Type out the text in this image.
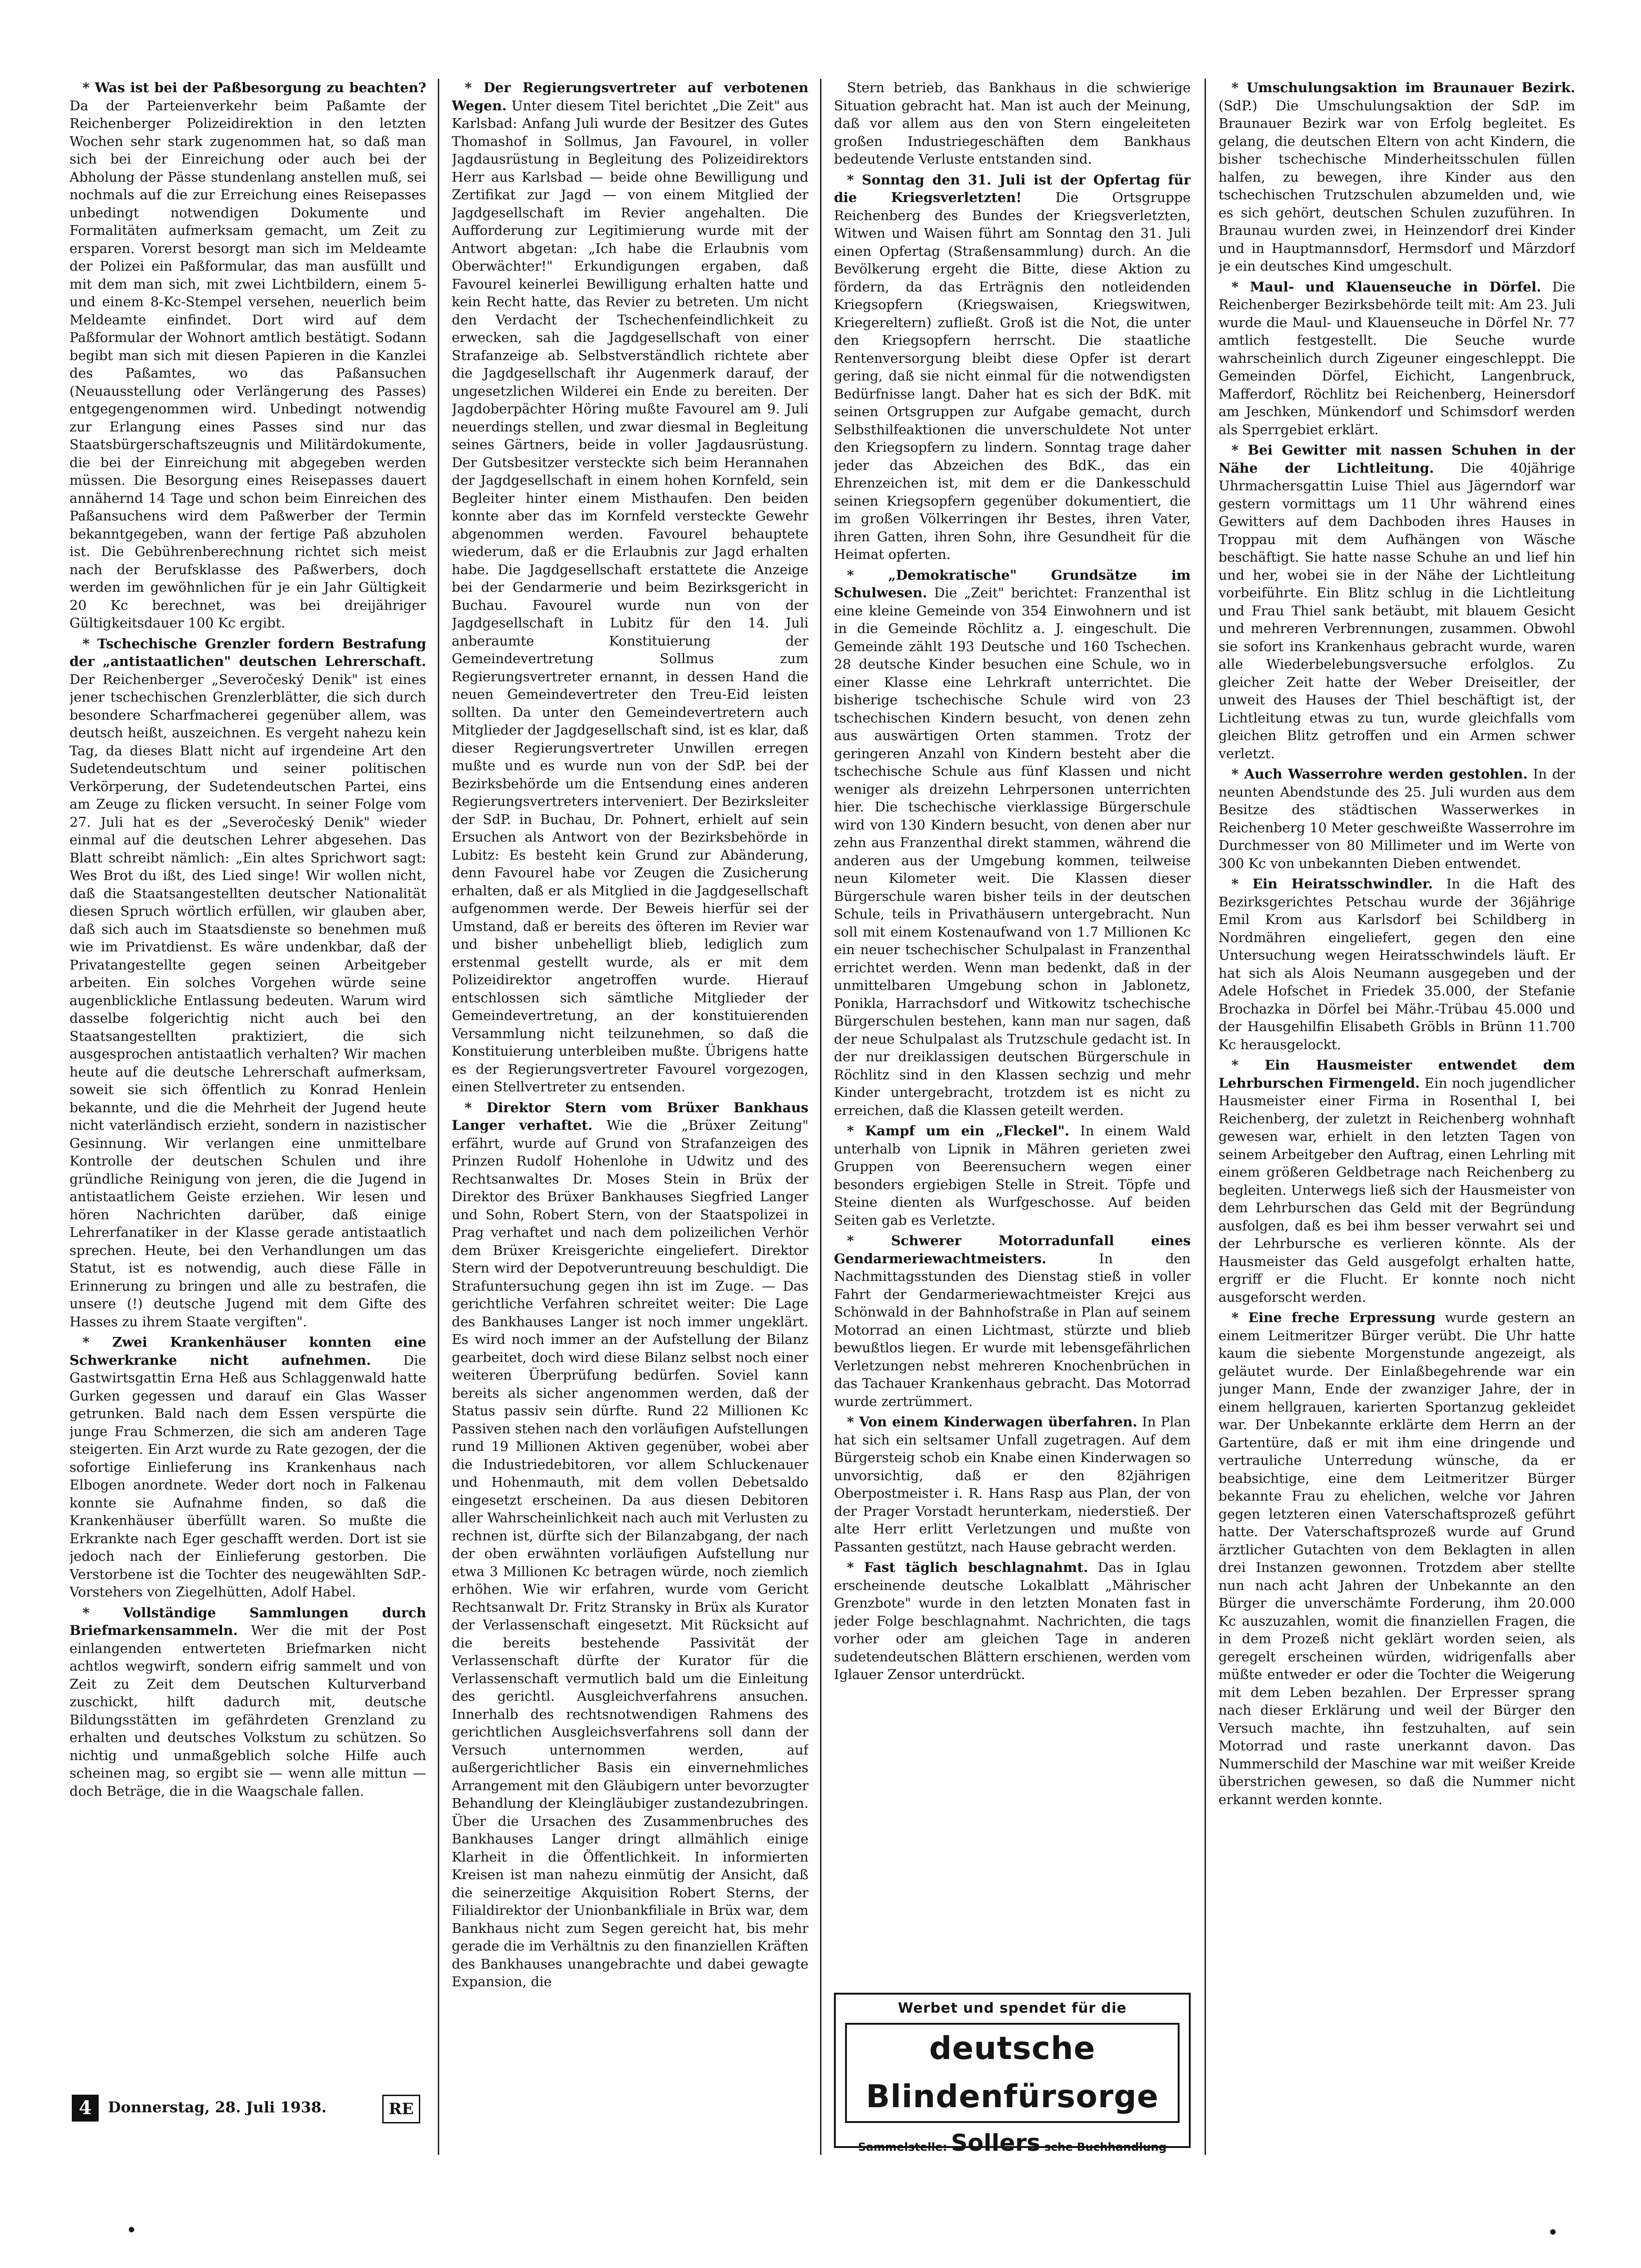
* Was ist bei der Paßbesorgung zu beachten? Da der Parteienverkehr beim Paßamte der Reichenberger Polizeidirektion in den letzten Wochen sehr stark zugenommen hat, so daß man sich bei der Einreichung oder auch bei der Abholung der Pässe stundenlang anstellen muß, sei nochmals auf die zur Erreichung eines Reisepasses unbedingt notwendigen Dokumente und Formalitäten aufmerksam gemacht, um Zeit zu ersparen. Vorerst besorgt man sich im Meldeamte der Polizei ein Paßformular, das man ausfüllt und mit dem man sich, mit zwei Lichtbildern, einem 5- und einem 8-Kc-Stempel versehen, neuerlich beim Meldeamte einfindet. Dort wird auf dem Paßformular der Wohnort amtlich bestätigt. Sodann begibt man sich mit diesen Papieren in die Kanzlei des Paßamtes, wo das Paßansuchen (Neuausstellung oder Verlängerung des Passes) entgegengenommen wird. Unbedingt notwendig zur Erlangung eines Passes sind nur das Staatsbürgerschaftszeugnis und Militärdokumente, die bei der Einreichung mit abgegeben werden müssen. Die Besorgung eines Reisepasses dauert annähernd 14 Tage und schon beim Einreichen des Paßansuchens wird dem Paßwerber der Termin bekanntgegeben, wann der fertige Paß abzuholen ist. Die Gebührenberechnung richtet sich meist nach der Berufsklasse des Paßwerbers, doch werden im gewöhnlichen für je ein Jahr Gültigkeit 20 Kc berechnet, was bei dreijähriger Gültigkeitsdauer 100 Kc ergibt.

* Tschechische Grenzler fordern Bestrafung der „antistaatlichen" deutschen Lehrerschaft. Der Reichenberger „Severočeský Denik" ist eines jener tschechischen Grenzlerblätter, die sich durch besondere Scharfmacherei gegenüber allem, was deutsch heißt, auszeichnen. Es vergeht nahezu kein Tag, da dieses Blatt nicht auf irgendeine Art den Sudetendeutschtum und seiner politischen Verkörperung, der Sudetendeutschen Partei, eins am Zeuge zu flicken versucht. In seiner Folge vom 27. Juli hat es der „Severočeský Denik" wieder einmal auf die deutschen Lehrer abgesehen. Das Blatt schreibt nämlich: „Ein altes Sprichwort sagt: Wes Brot du ißt, des Lied singe! Wir wollen nicht, daß die Staatsangestellten deutscher Nationalität diesen Spruch wörtlich erfüllen, wir glauben aber, daß sich auch im Staatsdienste so benehmen muß wie im Privatdienst. Es wäre undenkbar, daß der Privatangestellte gegen seinen Arbeitgeber arbeiten. Ein solches Vorgehen würde seine augenblickliche Entlassung bedeuten. Warum wird dasselbe folgerichtig nicht auch bei den Staatsangestellten praktiziert, die sich ausgesprochen antistaatlich verhalten? Wir machen heute auf die deutsche Lehrerschaft aufmerksam, soweit sie sich öffentlich zu Konrad Henlein bekannte, und die die Mehrheit der Jugend heute nicht vaterländisch erzieht, sondern in nazistischer Gesinnung. Wir verlangen eine unmittelbare Kontrolle der deutschen Schulen und ihre gründliche Reinigung von jeren, die die Jugend in antistaatlichem Geiste erziehen. Wir lesen und hören Nachrichten darüber, daß einige Lehrerfanatiker in der Klasse gerade antistaatlich sprechen. Heute, bei den Verhandlungen um das Statut, ist es notwendig, auch diese Fälle in Erinnerung zu bringen und alle zu bestrafen, die unsere (!) deutsche Jugend mit dem Gifte des Hasses zu ihrem Staate vergiften".

* Zwei Krankenhäuser konnten eine Schwerkranke nicht aufnehmen. Die Gastwirtsgattin Erna Heß aus Schlaggenwald hatte Gurken gegessen und darauf ein Glas Wasser getrunken. Bald nach dem Essen verspürte die junge Frau Schmerzen, die sich am anderen Tage steigerten. Ein Arzt wurde zu Rate gezogen, der die sofortige Einlieferung ins Krankenhaus nach Elbogen anordnete. Weder dort noch in Falkenau konnte sie Aufnahme finden, so daß die Krankenhäuser überfüllt waren. So mußte die Erkrankte nach Eger geschafft werden. Dort ist sie jedoch nach der Einlieferung gestorben. Die Verstorbene ist die Tochter des neugewählten SdP.-Vorstehers von Ziegelhütten, Adolf Habel.

* Vollständige Sammlungen durch Briefmarkensammeln. Wer die mit der Post einlangenden entwerteten Briefmarken nicht achtlos wegwirft, sondern eifrig sammelt und von Zeit zu Zeit dem Deutschen Kulturverband zuschickt, hilft dadurch mit, deutsche Bildungsstätten im gefährdeten Grenzland zu erhalten und deutsches Volkstum zu schützen. So nichtig und unmaßgeblich solche Hilfe auch scheinen mag, so ergibt sie — wenn alle mittun — doch Beträge, die in die Waagschale fallen.

* Der Regierungsvertreter auf verbotenen Wegen. Unter diesem Titel berichtet „Die Zeit" aus Karlsbad: Anfang Juli wurde der Besitzer des Gutes Thomashof in Sollmus, Jan Favourel, in voller Jagdausrüstung in Begleitung des Polizeidirektors Herr aus Karlsbad — beide ohne Bewilligung und Zertifikat zur Jagd — von einem Mitglied der Jagdgesellschaft im Revier angehalten. Die Aufforderung zur Legitimierung wurde mit der Antwort abgetan: „Ich habe die Erlaubnis vom Oberwächter!" Erkundigungen ergaben, daß Favourel keinerlei Bewilligung erhalten hatte und kein Recht hatte, das Revier zu betreten. Um nicht den Verdacht der Tschechenfeindlichkeit zu erwecken, sah die Jagdgesellschaft von einer Strafanzeige ab. Selbstverständlich richtete aber die Jagdgesellschaft ihr Augenmerk darauf, der ungesetzlichen Wilderei ein Ende zu bereiten. Der Jagdoberpächter Höring mußte Favourel am 9. Juli neuerdings stellen, und zwar diesmal in Begleitung seines Gärtners, beide in voller Jagdausrüstung. Der Gutsbesitzer versteckte sich beim Herannahen der Jagdgesellschaft in einem hohen Kornfeld, sein Begleiter hinter einem Misthaufen. Den beiden konnte aber das im Kornfeld versteckte Gewehr abgenommen werden. Favourel behauptete wiederum, daß er die Erlaubnis zur Jagd erhalten habe. Die Jagdgesellschaft erstattete die Anzeige bei der Gendarmerie und beim Bezirksgericht in Buchau. Favourel wurde nun von der Jagdgesellschaft in Lubitz für den 14. Juli anberaumte Konstituierung der Gemeindevertretung Sollmus zum Regierungsvertreter ernannt, in dessen Hand die neuen Gemeindevertreter den Treu-Eid leisten sollten. Da unter den Gemeindevertretern auch Mitglieder der Jagdgesellschaft sind, ist es klar, daß dieser Regierungsvertreter Unwillen erregen mußte und es wurde nun von der SdP. bei der Bezirksbehörde um die Entsendung eines anderen Regierungsvertreters interveniert. Der Bezirksleiter der SdP. in Buchau, Dr. Pohnert, erhielt auf sein Ersuchen als Antwort von der Bezirksbehörde in Lubitz: Es besteht kein Grund zur Abänderung, denn Favourel habe vor Zeugen die Zusicherung erhalten, daß er als Mitglied in die Jagdgesellschaft aufgenommen werde. Der Beweis hierfür sei der Umstand, daß er bereits des öfteren im Revier war und bisher unbehelligt blieb, lediglich zum erstenmal gestellt wurde, als er mit dem Polizeidirektor angetroffen wurde. Hierauf entschlossen sich sämtliche Mitglieder der Gemeindevertretung, an der konstituierenden Versammlung nicht teilzunehmen, so daß die Konstituierung unterbleiben mußte. Übrigens hatte es der Regierungsvertreter Favourel vorgezogen, einen Stellvertreter zu entsenden.

* Direktor Stern vom Brüxer Bankhaus Langer verhaftet. Wie die „Brüxer Zeitung" erfährt, wurde auf Grund von Strafanzeigen des Prinzen Rudolf Hohenlohe in Udwitz und des Rechtsanwaltes Dr. Moses Stein in Brüx der Direktor des Brüxer Bankhauses Siegfried Langer und Sohn, Robert Stern, von der Staatspolizei in Prag verhaftet und nach dem polizeilichen Verhör dem Brüxer Kreisgerichte eingeliefert. Direktor Stern wird der Depotveruntreuung beschuldigt. Die Strafuntersuchung gegen ihn ist im Zuge. — Das gerichtliche Verfahren schreitet weiter: Die Lage des Bankhauses Langer ist noch immer ungeklärt. Es wird noch immer an der Aufstellung der Bilanz gearbeitet, doch wird diese Bilanz selbst noch einer weiteren Überprüfung bedürfen. Soviel kann bereits als sicher angenommen werden, daß der Status passiv sein dürfte. Rund 22 Millionen Kc Passiven stehen nach den vorläufigen Aufstellungen rund 19 Millionen Aktiven gegenüber, wobei aber die Industriedebitoren, vor allem Schluckenauer und Hohenmauth, mit dem vollen Debetsaldo eingesetzt erscheinen. Da aus diesen Debitoren aller Wahrscheinlichkeit nach auch mit Verlusten zu rechnen ist, dürfte sich der Bilanzabgang, der nach der oben erwähnten vorläufigen Aufstellung nur etwa 3 Millionen Kc betragen würde, noch ziemlich erhöhen. Wie wir erfahren, wurde vom Gericht Rechtsanwalt Dr. Fritz Stransky in Brüx als Kurator der Verlassenschaft eingesetzt. Mit Rücksicht auf die bereits bestehende Passivität der Verlassenschaft dürfte der Kurator für die Verlassenschaft vermutlich bald um die Einleitung des gerichtl. Ausgleichverfahrens ansuchen. Innerhalb des rechtsnotwendigen Rahmens des gerichtlichen Ausgleichsverfahrens soll dann der Versuch unternommen werden, auf außergerichtlicher Basis ein einvernehmliches Arrangement mit den Gläubigern unter bevorzugter Behandlung der Kleingläubiger zustandezubringen. Über die Ursachen des Zusammenbruches des Bankhauses Langer dringt allmählich einige Klarheit in die Öffentlichkeit. In informierten Kreisen ist man nahezu einmütig der Ansicht, daß die seinerzeitige Akquisition Robert Sterns, der Filialdirektor der Unionbankfiliale in Brüx war, dem Bankhaus nicht zum Segen gereicht hat, bis mehr gerade die im Verhältnis zu den finanziellen Kräften des Bankhauses unangebrachte und dabei gewagte Expansion, die

Stern betrieb, das Bankhaus in die schwierige Situation gebracht hat. Man ist auch der Meinung, daß vor allem aus den von Stern eingeleiteten großen Industriegeschäften dem Bankhaus bedeutende Verluste entstanden sind.

* Sonntag den 31. Juli ist der Opfertag für die Kriegsverletzten!	Die Ortsgruppe Reichenberg des Bundes der Kriegsverletzten, Witwen und Waisen führt am Sonntag den 31. Juli einen Opfertag (Straßensammlung) durch. An die Bevölkerung ergeht die Bitte, diese Aktion zu fördern, da das Erträgnis den notleidenden Kriegsopfern (Kriegswaisen, Kriegswitwen, Kriegereltern) zufließt. Groß ist die Not, die unter den Kriegsopfern herrscht. Die staatliche Rentenversorgung bleibt diese Opfer ist derart gering, daß sie nicht einmal für die notwendigsten Bedürfnisse langt. Daher hat es sich der BdK. mit seinen Ortsgruppen zur Aufgabe gemacht, durch Selbsthilfeaktionen die unverschuldete Not unter den Kriegsopfern zu lindern. Sonntag trage daher jeder das Abzeichen des BdK., das ein Ehrenzeichen ist, mit dem er die Dankesschuld seinen Kriegsopfern gegenüber dokumentiert, die im großen Völkerringen ihr Bestes, ihren Vater, ihren Gatten, ihren Sohn, ihre Gesundheit für die Heimat opferten.

* „Demokratische" Grundsätze im Schulwesen. Die „Zeit" berichtet: Franzenthal ist eine kleine Gemeinde von 354 Einwohnern und ist in die Gemeinde Röchlitz a. J. eingeschult. Die Gemeinde zählt 193 Deutsche und 160 Tschechen. 28 deutsche Kinder besuchen eine Schule, wo in einer Klasse eine Lehrkraft unterrichtet. Die bisherige tschechische Schule wird von 23 tschechischen Kindern besucht, von denen zehn aus auswärtigen Orten stammen. Trotz der geringeren Anzahl von Kindern besteht aber die tschechische Schule aus fünf Klassen und nicht weniger als dreizehn Lehrpersonen unterrichten hier. Die tschechische vierklassige Bürgerschule wird von 130 Kindern besucht, von denen aber nur zehn aus Franzenthal direkt stammen, während die anderen aus der Umgebung kommen, teilweise neun Kilometer weit. Die Klassen dieser Bürgerschule waren bisher teils in der deutschen Schule, teils in Privathäusern untergebracht. Nun soll mit einem Kostenaufwand von 1.7 Millionen Kc ein neuer tschechischer Schulpalast in Franzenthal errichtet werden. Wenn man bedenkt, daß in der unmittelbaren Umgebung schon in Jablonetz, Ponikla, Harrachsdorf und Witkowitz tschechische Bürgerschulen bestehen, kann man nur sagen, daß der neue Schulpalast als Trutzschule gedacht ist. In der nur dreiklassigen deutschen Bürgerschule in Röchlitz sind in den Klassen sechzig und mehr Kinder untergebracht, trotzdem ist es nicht zu erreichen, daß die Klassen geteilt werden.

* Kampf um ein „Fleckel". In einem Wald unterhalb von Lipnik in Mähren gerieten zwei Gruppen von Beerensuchern wegen einer besonders ergiebigen Stelle in Streit. Töpfe und Steine dienten als Wurfgeschosse. Auf beiden Seiten gab es Verletzte.

* Schwerer Motorradunfall eines Gendarmeriewachtmeisters.	In den Nachmittagsstunden des Dienstag stieß in voller Fahrt der Gendarmeriewachtmeister Krejci aus Schönwald in der Bahnhofstraße in Plan auf seinem Motorrad an einen Lichtmast, stürzte und blieb bewußtlos liegen. Er wurde mit lebensgefährlichen Verletzungen nebst mehreren Knochenbrüchen in das Tachauer Krankenhaus gebracht. Das Motorrad wurde zertrümmert.

* Von einem Kinderwagen überfahren. In Plan hat sich ein seltsamer Unfall zugetragen. Auf dem Bürgersteig schob ein Knabe einen Kinderwagen so unvorsichtig, daß er den 82jährigen Oberpostmeister i. R. Hans Rasp aus Plan, der von der Prager Vorstadt herunterkam, niederstieß. Der alte Herr erlitt Verletzungen und mußte von Passanten gestützt, nach Hause gebracht werden.

* Fast täglich beschlagnahmt. Das in Iglau erscheinende deutsche Lokalblatt „Mährischer Grenzbote" wurde in den letzten Monaten fast in jeder Folge beschlagnahmt. Nachrichten, die tags vorher oder am gleichen Tage in anderen sudetendeutschen Blättern erschienen, werden vom Iglauer Zensor unterdrückt.

* Umschulungsaktion im Braunauer Bezirk. (SdP.) Die Umschulungsaktion der SdP. im Braunauer Bezirk war von Erfolg begleitet. Es gelang, die deutschen Eltern von acht Kindern, die bisher tschechische Minderheitsschulen füllen halfen, zu bewegen, ihre Kinder aus den tschechischen Trutzschulen abzumelden und, wie es sich gehört, deutschen Schulen zuzuführen. In Braunau wurden zwei, in Heinzendorf drei Kinder und in Hauptmannsdorf, Hermsdorf und Märzdorf je ein deutsches Kind umgeschult.

* Maul- und Klauenseuche in Dörfel. Die Reichenberger Bezirksbehörde teilt mit: Am 23. Juli wurde die Maul- und Klauenseuche in Dörfel Nr. 77 amtlich festgestellt. Die Seuche wurde wahrscheinlich durch Zigeuner eingeschleppt. Die Gemeinden Dörfel, Eichicht, Langenbruck, Mafferdorf, Röchlitz bei Reichenberg, Heinersdorf am Jeschken, Münkendorf und Schimsdorf werden als Sperrgebiet erklärt.

* Bei Gewitter mit nassen Schuhen in der Nähe der Lichtleitung. Die 40jährige Uhrmachersgattin Luise Thiel aus Jägerndorf war gestern vormittags um 11 Uhr während eines Gewitters auf dem Dachboden ihres Hauses in Troppau mit dem Aufhängen von Wäsche beschäftigt. Sie hatte nasse Schuhe an und lief hin und her, wobei sie in der Nähe der Lichtleitung vorbeiführte. Ein Blitz schlug in die Lichtleitung und Frau Thiel sank betäubt, mit blauem Gesicht und mehreren Verbrennungen, zusammen. Obwohl sie sofort ins Krankenhaus gebracht wurde, waren alle Wiederbelebungsversuche erfolglos. Zu gleicher Zeit hatte der Weber Dreiseitler, der unweit des Hauses der Thiel beschäftigt ist, der Lichtleitung etwas zu tun, wurde gleichfalls vom gleichen Blitz getroffen und ein Armen schwer verletzt.

* Auch Wasserrohre werden gestohlen. In der neunten Abendstunde des 25. Juli wurden aus dem Besitze des städtischen Wasserwerkes in Reichenberg 10 Meter geschweißte Wasserrohre im Durchmesser von 80 Millimeter und im Werte von 300 Kc von unbekannten Dieben entwendet.

* Ein Heiratsschwindler. In die Haft des Bezirksgerichtes Petschau wurde der 36jährige Emil Krom aus Karlsdorf bei Schildberg in Nordmähren eingeliefert, gegen den eine Untersuchung wegen Heiratsschwindels läuft. Er hat sich als Alois Neumann ausgegeben und der Adele Hofschet in Friedek 35.000, der Stefanie Brochazka in Dörfel bei Mähr.-Trübau 45.000 und der Hausgehilfin Elisabeth Gröbls in Brünn 11.700 Kc herausgelockt.

* Ein Hausmeister entwendet dem Lehrburschen Firmengeld. Ein noch jugendlicher Hausmeister einer Firma in Rosenthal I, bei Reichenberg, der zuletzt in Reichenberg wohnhaft gewesen war, erhielt in den letzten Tagen von seinem Arbeitgeber den Auftrag, einen Lehrling mit einem größeren Geldbetrage nach Reichenberg zu begleiten. Unterwegs ließ sich der Hausmeister von dem Lehrburschen das Geld mit der Begründung ausfolgen, daß es bei ihm besser verwahrt sei und der Lehrbursche es verlieren könnte. Als der Hausmeister das Geld ausgefolgt erhalten hatte, ergriff er die Flucht. Er konnte noch nicht ausgeforscht werden.

* Eine freche Erpressung wurde gestern an einem Leitmeritzer Bürger verübt. Die Uhr hatte kaum die siebente Morgenstunde angezeigt, als geläutet wurde. Der Einlaßbegehrende war ein junger Mann, Ende der zwanziger Jahre, der in einem hellgrauen, karierten Sportanzug gekleidet war. Der Unbekannte erklärte dem Herrn an der Gartentüre, daß er mit ihm eine dringende und vertrauliche Unterredung wünsche, da er beabsichtige, eine dem Leitmeritzer Bürger bekannte Frau zu ehelichen, welche vor Jahren gegen letzteren einen Vaterschaftsprozeß geführt hatte. Der Vaterschaftsprozeß wurde auf Grund ärztlicher Gutachten von dem Beklagten in allen drei Instanzen gewonnen. Trotzdem aber stellte nun nach acht Jahren der Unbekannte an den Bürger die unverschämte Forderung, ihm 20.000 Kc auszuzahlen, womit die finanziellen Fragen, die in dem Prozeß nicht geklärt worden seien, als geregelt erscheinen würden, widrigenfalls aber müßte entweder er oder die Tochter die Weigerung mit dem Leben bezahlen. Der Erpresser sprang nach dieser Erklärung und weil der Bürger den Versuch machte, ihn festzuhalten, auf sein Motorrad und raste unerkannt davon. Das Nummerschild der Maschine war mit weißer Kreide überstrichen gewesen, so daß die Nummer nicht erkannt werden konnte.

Werbet und spendet für die
deutsche Blindenfürsorge
Sammelstelle: Sollers sche Buchhandlung
4	Donnerstag, 28. Juli 1938.	RE
•	•
